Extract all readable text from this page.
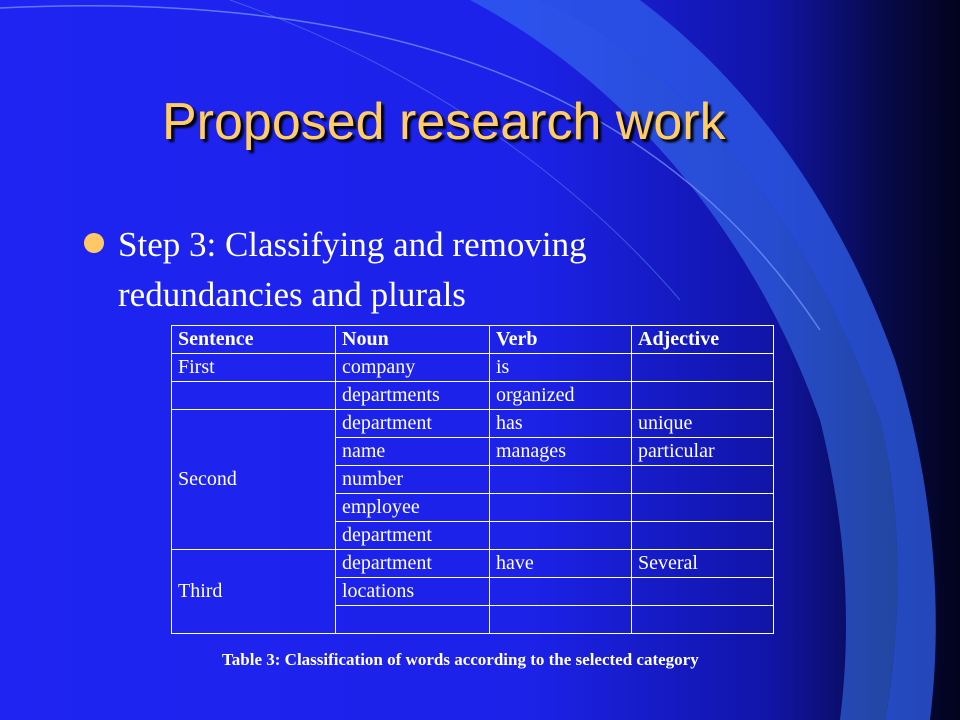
Proposed research work
Step 3: Classifying and removing redundancies and plurals
Sentence	Noun	Verb	Adjective
First	company	is	
	departments	organized	
Second	department	has	unique
	name	manages	particular
	number		
	employee		
	department		
Third	department	have	Several
	locations		

Table 3: Classification of words according to the selected category
